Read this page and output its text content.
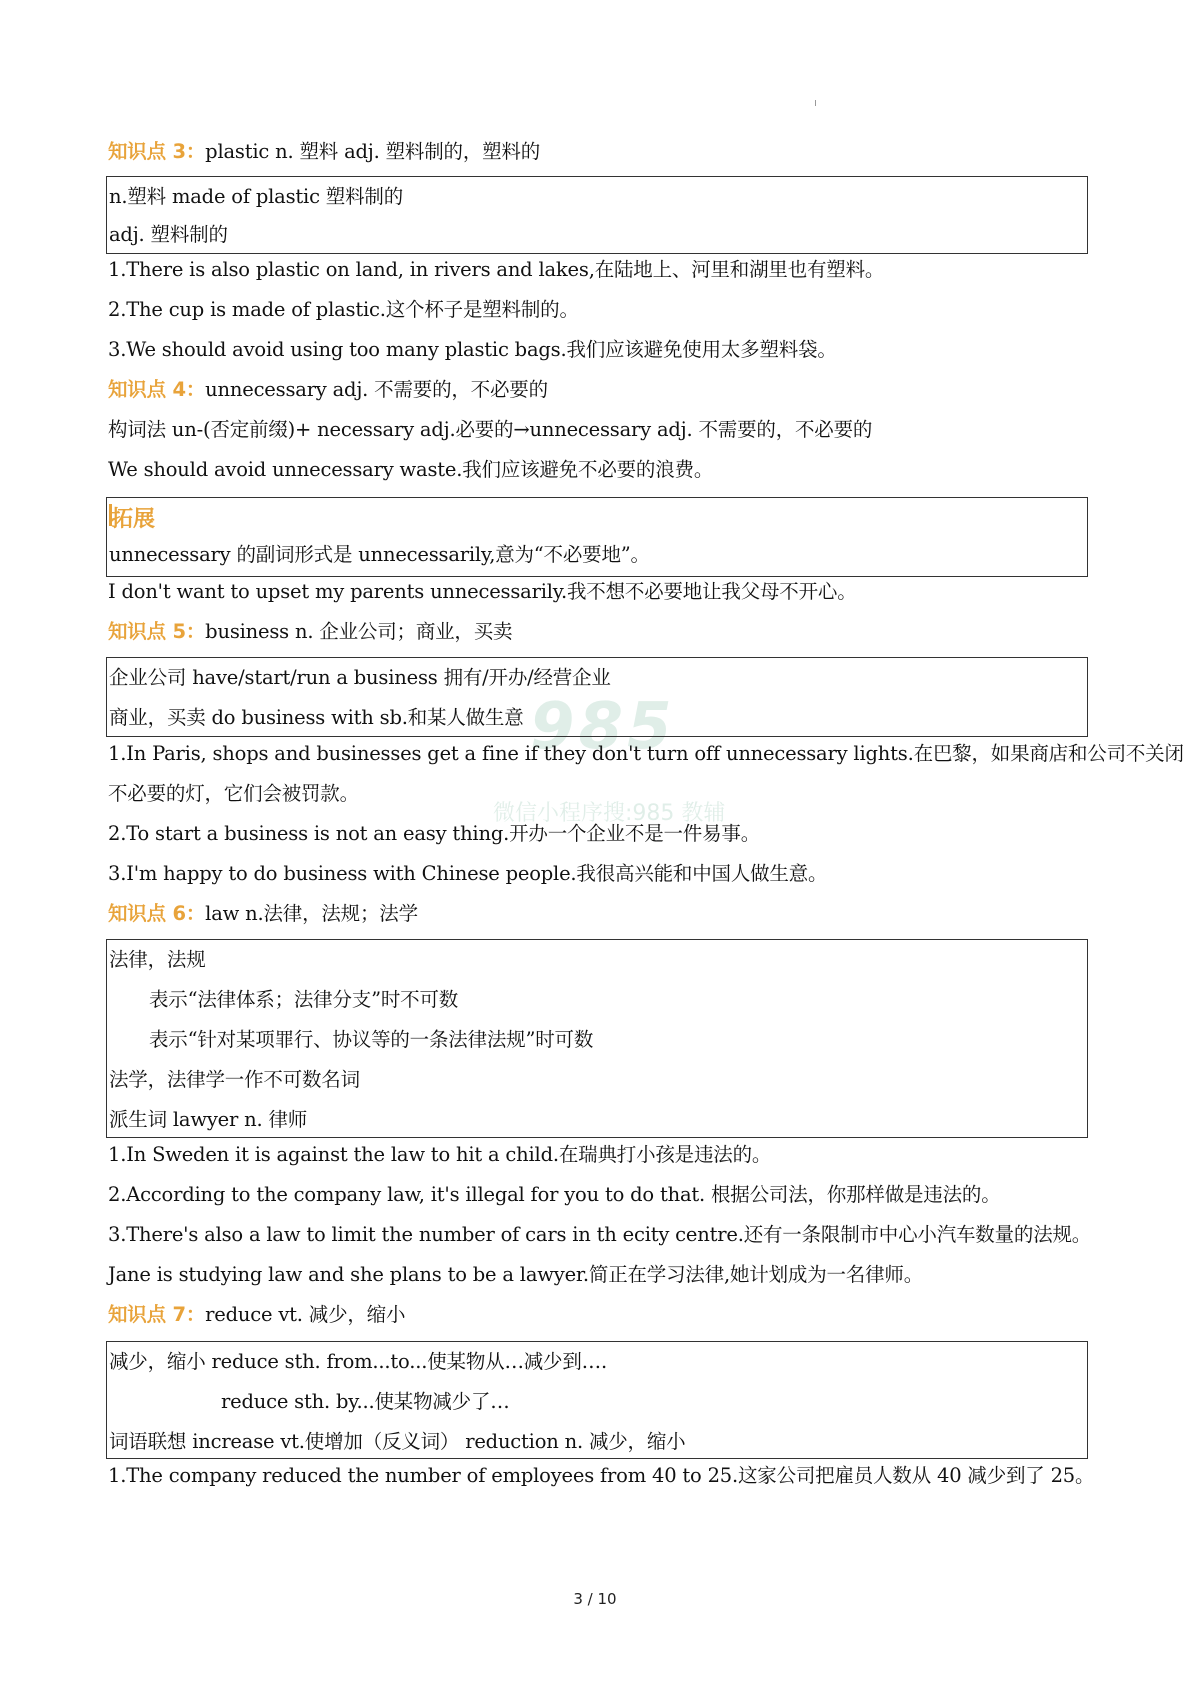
985
微信小程序搜:985 教辅
知识点 3：plastic n. 塑料 adj. 塑料制的，塑料的
n.塑料 made of plastic 塑料制的
adj. 塑料制的
1.There is also plastic on land, in rivers and lakes,在陆地上、河里和湖里也有塑料。
2.The cup is made of plastic.这个杯子是塑料制的。
3.We should avoid using too many plastic bags.我们应该避免使用太多塑料袋。
知识点 4：unnecessary adj. 不需要的，不必要的
构词法 un-(否定前缀)+ necessary adj.必要的→unnecessary adj. 不需要的，不必要的
We should avoid unnecessary waste.我们应该避免不必要的浪费。
拓展
unnecessary 的副词形式是 unnecessarily,意为“不必要地”。
I don't want to upset my parents unnecessarily.我不想不必要地让我父母不开心。
知识点 5：business n. 企业公司；商业，买卖
企业公司 have/start/run a business 拥有/开办/经营企业
商业，买卖 do business with sb.和某人做生意
1.In Paris, shops and businesses get a fine if they don't turn off unnecessary lights.在巴黎，如果商店和公司不关闭
不必要的灯，它们会被罚款。
2.To start a business is not an easy thing.开办一个企业不是一件易事。
3.I'm happy to do business with Chinese people.我很高兴能和中国人做生意。
知识点 6：law n.法律，法规；法学
法律，法规
表示“法律体系；法律分支”时不可数
表示“针对某项罪行、协议等的一条法律法规”时可数
法学，法律学一作不可数名词
派生词 lawyer n. 律师
1.In Sweden it is against the law to hit a child.在瑞典打小孩是违法的。
2.According to the company law, it's illegal for you to do that. 根据公司法，你那样做是违法的。
3.There's also a law to limit the number of cars in th ecity centre.还有一条限制市中心小汽车数量的法规。
Jane is studying law and she plans to be a lawyer.简正在学习法律,她计划成为一名律师。
知识点 7：reduce vt. 减少，缩小
减少，缩小 reduce sth. from...to...使某物从…减少到….
reduce sth. by...使某物减少了…
词语联想 increase vt.使增加（反义词） reduction n. 减少，缩小
1.The company reduced the number of employees from 40 to 25.这家公司把雇员人数从 40 减少到了 25。
3 / 10
